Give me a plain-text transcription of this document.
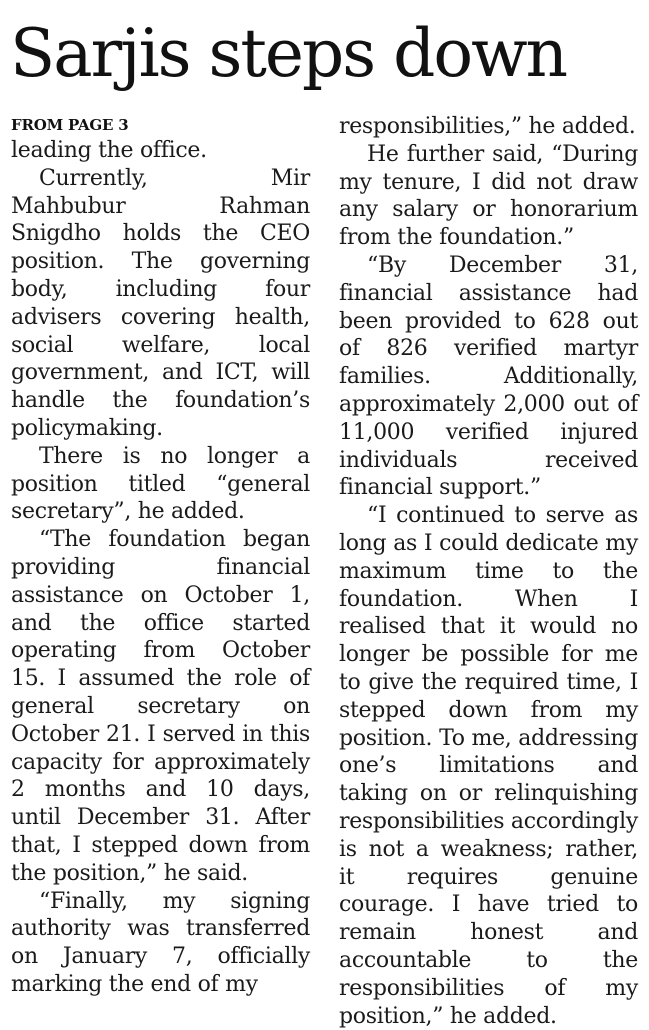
Sarjis steps down
FROM PAGE 3

leading the office.

Currently, Mir Mahbubur Rahman Snigdho holds the CEO position. The governing body, including four advisers covering health, social welfare, local government, and ICT, will handle the foundation’s policymaking.

There is no longer a position titled “general secretary”, he added.

“The foundation began providing financial assistance on October 1, and the office started operating from October 15. I assumed the role of general secretary on October 21. I served in this capacity for approximately 2 months and 10 days, until December 31. After that, I stepped down from the position,” he said.

“Finally, my signing authority was transferred on January 7, officially marking the end of my

responsibilities,” he added.

He further said, “During my tenure, I did not draw any salary or honorarium from the foundation.”

“By December 31, financial assistance had been provided to 628 out of 826 verified martyr families. Additionally, approximately 2,000 out of 11,000 verified injured individuals received financial support.”

“I continued to serve as long as I could dedicate my maximum time to the foundation. When I realised that it would no longer be possible for me to give the required time, I stepped down from my position. To me, addressing one’s limitations and taking on or relinquishing responsibilities accordingly is not a weakness; rather, it requires genuine courage. I have tried to remain honest and accountable to the responsibilities of my position,” he added.
